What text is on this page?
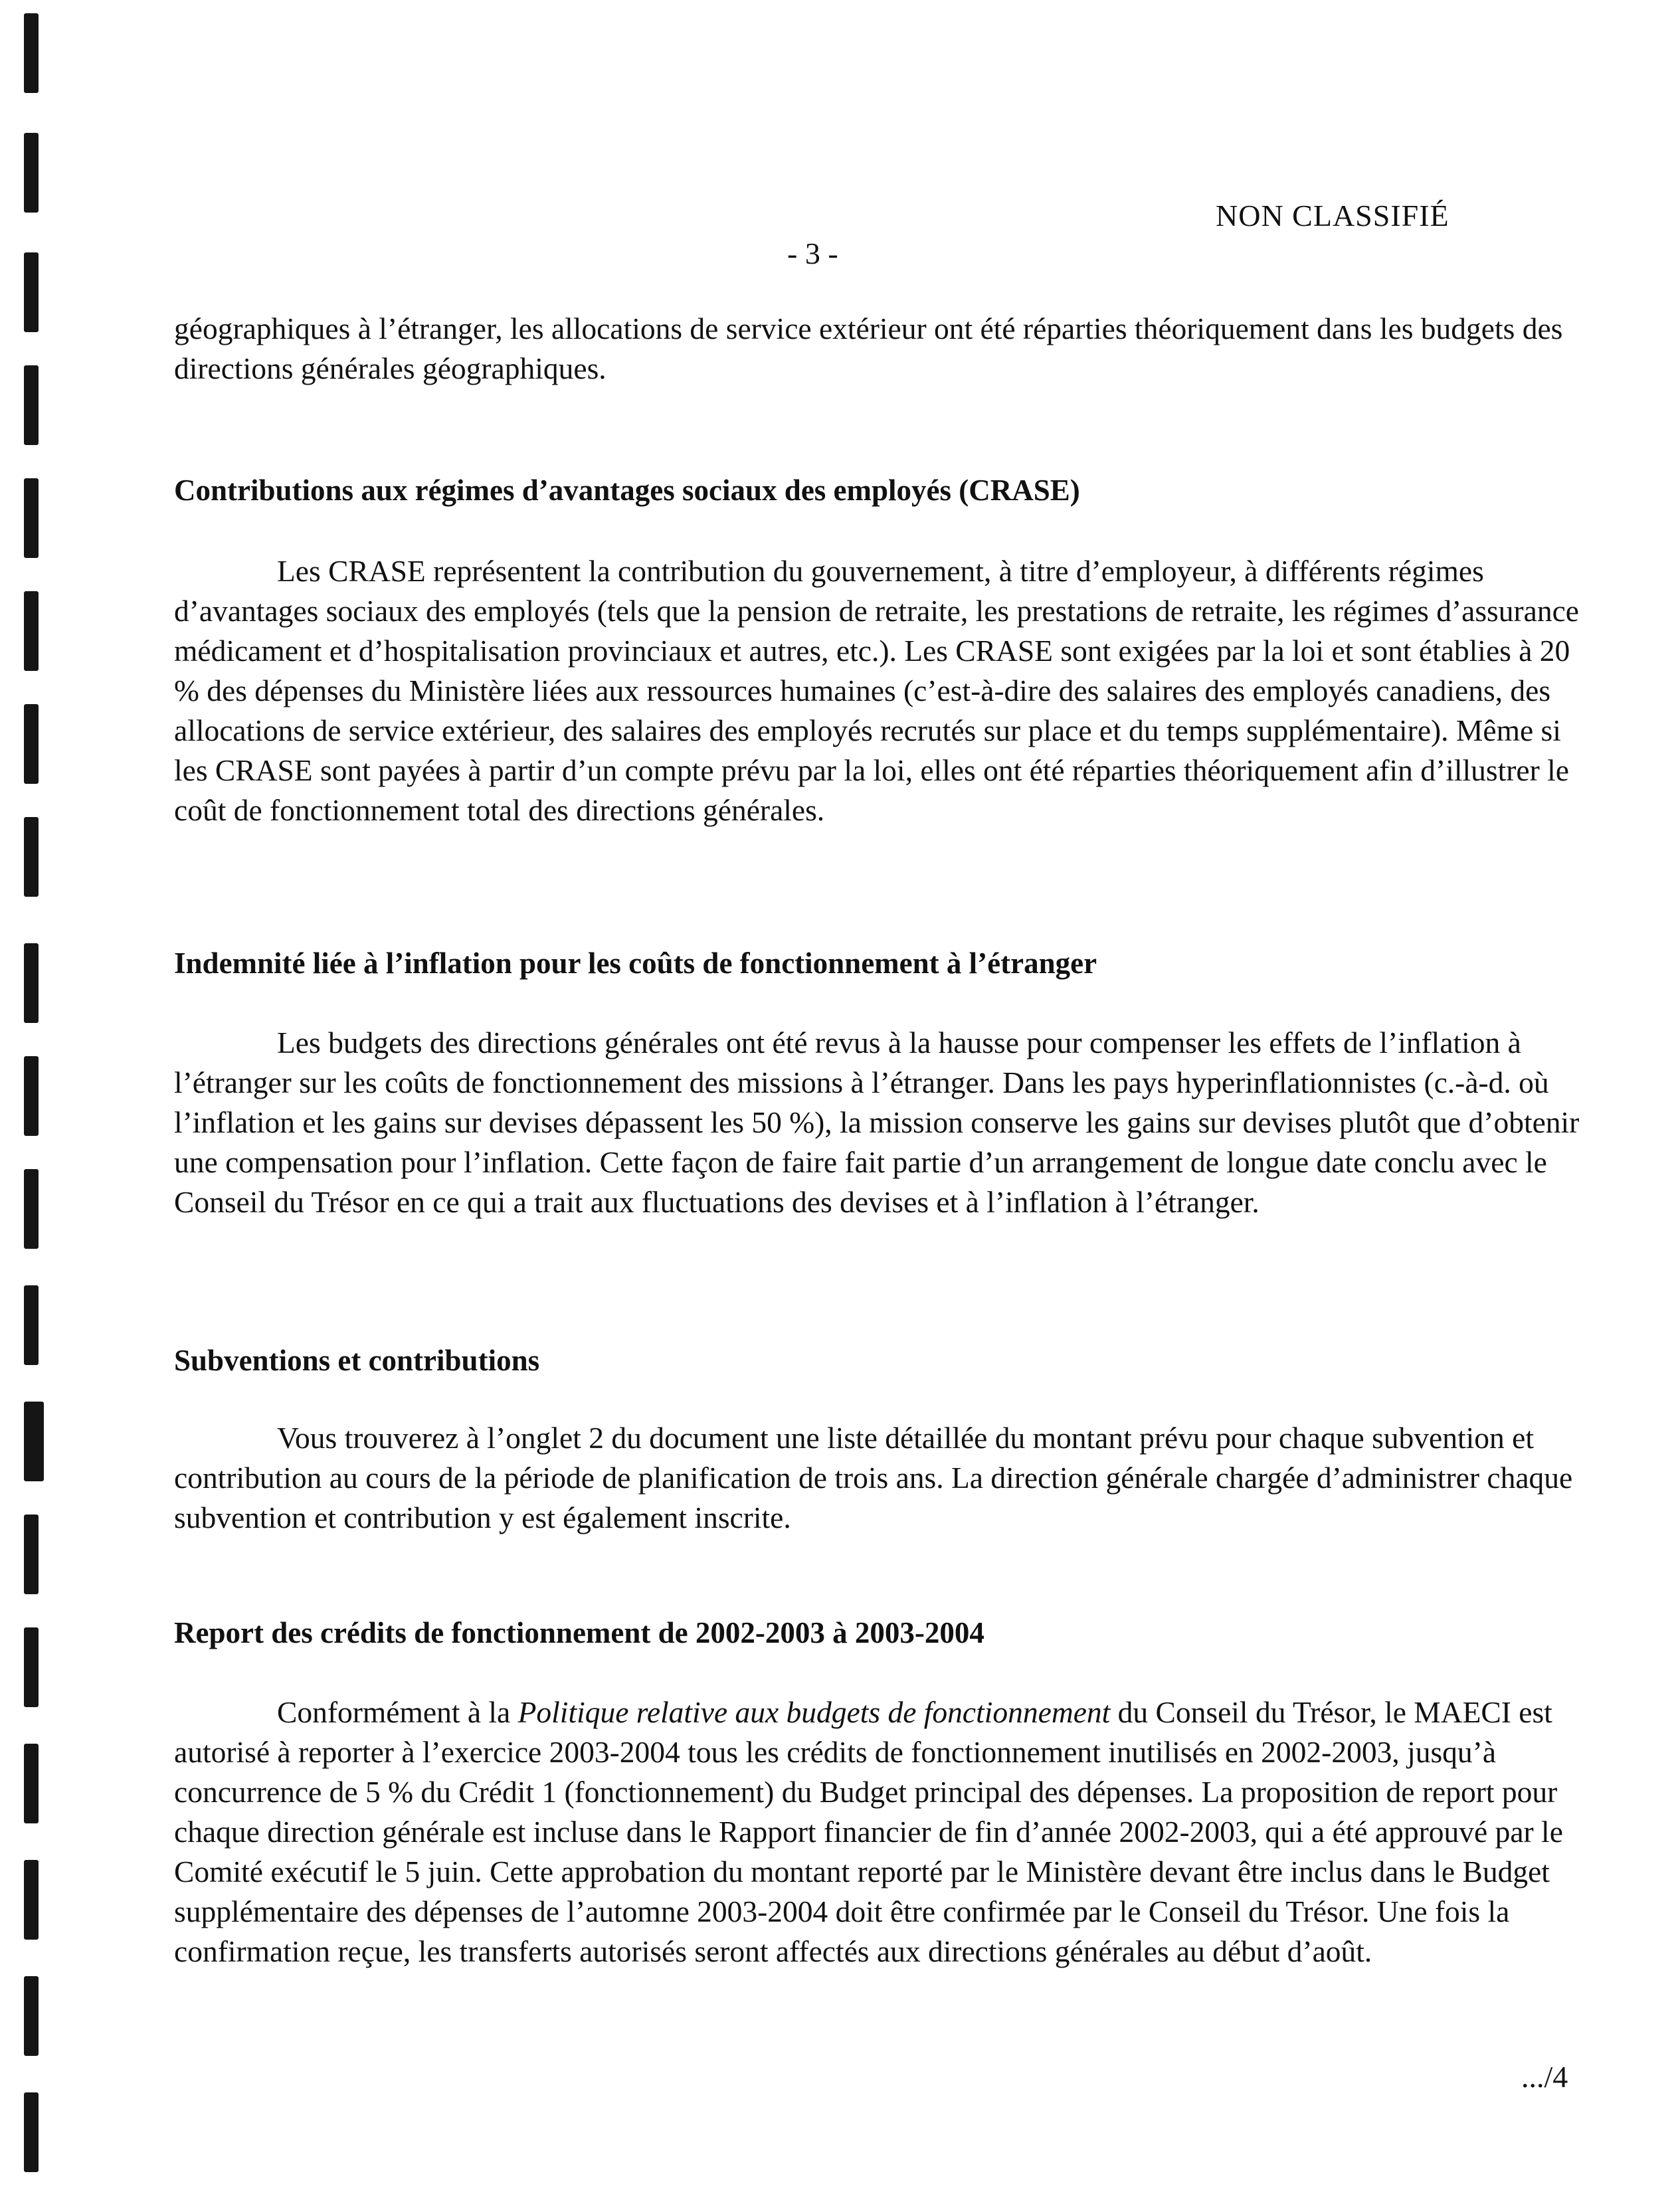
NON CLASSIFIÉ
- 3 -

géographiques à l’étranger, les allocations de service extérieur ont été réparties théoriquement dans les budgets des directions générales géographiques.

Contributions aux régimes d’avantages sociaux des employés (CRASE)

Les CRASE représentent la contribution du gouvernement, à titre d’employeur, à différents régimes d’avantages sociaux des employés (tels que la pension de retraite, les prestations de retraite, les régimes d’assurance médicament et d’hospitalisation provinciaux et autres, etc.). Les CRASE sont exigées par la loi et sont établies à 20 % des dépenses du Ministère liées aux ressources humaines (c’est-à-dire des salaires des employés canadiens, des allocations de service extérieur, des salaires des employés recrutés sur place et du temps supplémentaire). Même si les CRASE sont payées à partir d’un compte prévu par la loi, elles ont été réparties théoriquement afin d’illustrer le coût de fonctionnement total des directions générales.

Indemnité liée à l’inflation pour les coûts de fonctionnement à l’étranger

Les budgets des directions générales ont été revus à la hausse pour compenser les effets de l’inflation à l’étranger sur les coûts de fonctionnement des missions à l’étranger. Dans les pays hyperinflationnistes (c.-à-d. où l’inflation et les gains sur devises dépassent les 50 %), la mission conserve les gains sur devises plutôt que d’obtenir une compensation pour l’inflation. Cette façon de faire fait partie d’un arrangement de longue date conclu avec le Conseil du Trésor en ce qui a trait aux fluctuations des devises et à l’inflation à l’étranger.

Subventions et contributions

Vous trouverez à l’onglet 2 du document une liste détaillée du montant prévu pour chaque subvention et contribution au cours de la période de planification de trois ans. La direction générale chargée d’administrer chaque subvention et contribution y est également inscrite.

Report des crédits de fonctionnement de 2002-2003 à 2003-2004

Conformément à la Politique relative aux budgets de fonctionnement du Conseil du Trésor, le MAECI est autorisé à reporter à l’exercice 2003-2004 tous les crédits de fonctionnement inutilisés en 2002-2003, jusqu’à concurrence de 5 % du Crédit 1 (fonctionnement) du Budget principal des dépenses. La proposition de report pour chaque direction générale est incluse dans le Rapport financier de fin d’année 2002-2003, qui a été approuvé par le Comité exécutif le 5 juin. Cette approbation du montant reporté par le Ministère devant être inclus dans le Budget supplémentaire des dépenses de l’automne 2003-2004 doit être confirmée par le Conseil du Trésor. Une fois la confirmation reçue, les transferts autorisés seront affectés aux directions générales au début d’août.

.../4
